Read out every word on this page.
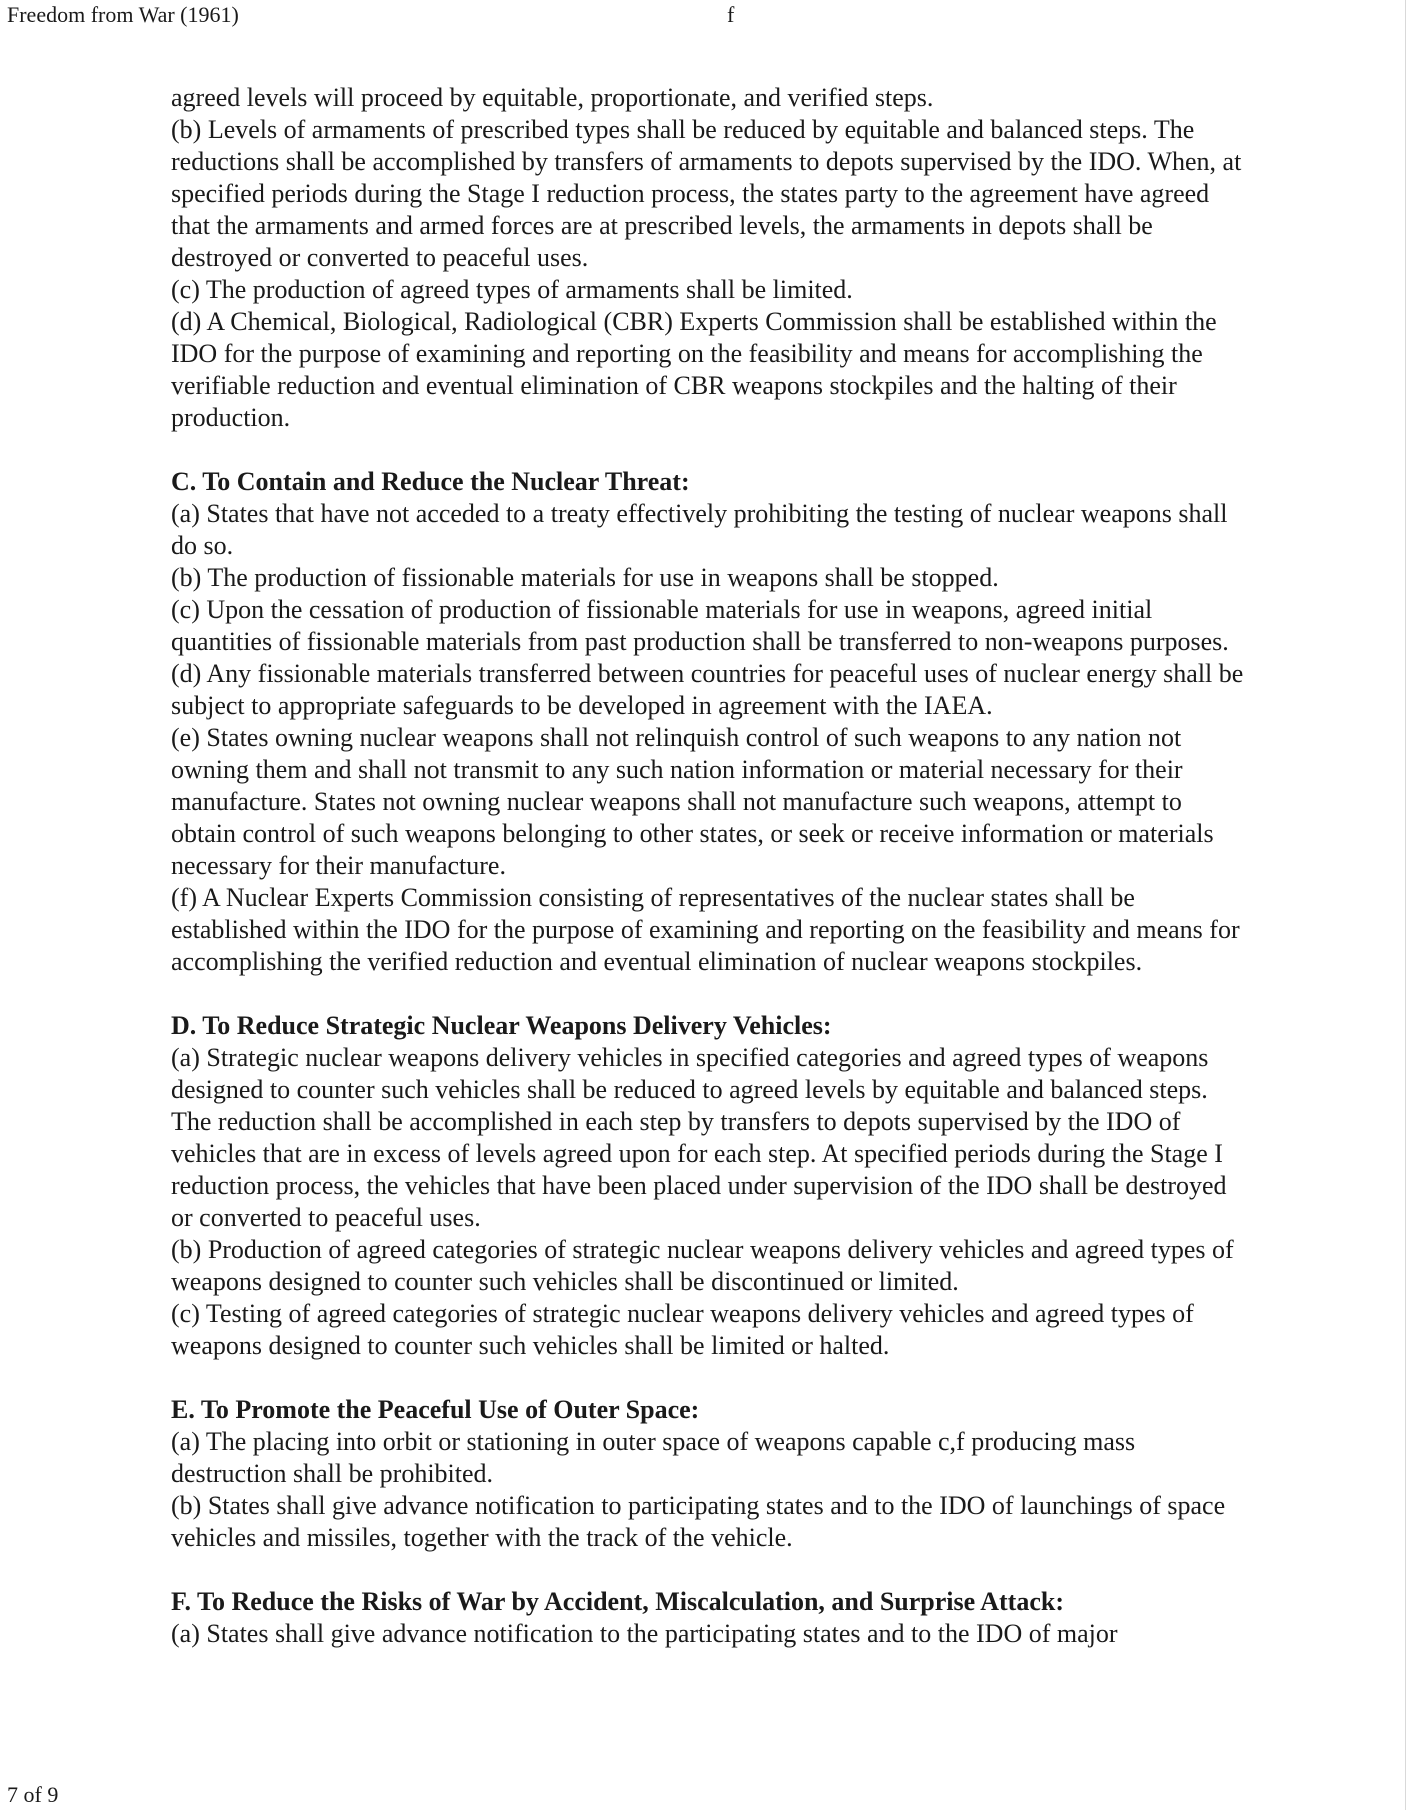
Freedom from War (1961)	f

agreed levels will proceed by equitable, proportionate, and verified steps.

(b) Levels of armaments of prescribed types shall be reduced by equitable and balanced steps. The reductions shall be accomplished by transfers of armaments to depots supervised by the IDO. When, at specified periods during the Stage I reduction process, the states party to the agreement have agreed that the armaments and armed forces are at prescribed levels, the armaments in depots shall be destroyed or converted to peaceful uses.

(c) The production of agreed types of armaments shall be limited.

(d) A Chemical, Biological, Radiological (CBR) Experts Commission shall be established within the IDO for the purpose of examining and reporting on the feasibility and means for accomplishing the verifiable reduction and eventual elimination of CBR weapons stockpiles and the halting of their production.

C. To Contain and Reduce the Nuclear Threat:

(a) States that have not acceded to a treaty effectively prohibiting the testing of nuclear weapons shall do so.

(b) The production of fissionable materials for use in weapons shall be stopped.

(c) Upon the cessation of production of fissionable materials for use in weapons, agreed initial quantities of fissionable materials from past production shall be transferred to non-weapons purposes.

(d) Any fissionable materials transferred between countries for peaceful uses of nuclear energy shall be subject to appropriate safeguards to be developed in agreement with the IAEA.

(e) States owning nuclear weapons shall not relinquish control of such weapons to any nation not owning them and shall not transmit to any such nation information or material necessary for their manufacture. States not owning nuclear weapons shall not manufacture such weapons, attempt to obtain control of such weapons belonging to other states, or seek or receive information or materials necessary for their manufacture.

(f) A Nuclear Experts Commission consisting of representatives of the nuclear states shall be established within the IDO for the purpose of examining and reporting on the feasibility and means for accomplishing the verified reduction and eventual elimination of nuclear weapons stockpiles.

D. To Reduce Strategic Nuclear Weapons Delivery Vehicles:

(a) Strategic nuclear weapons delivery vehicles in specified categories and agreed types of weapons designed to counter such vehicles shall be reduced to agreed levels by equitable and balanced steps. The reduction shall be accomplished in each step by transfers to depots supervised by the IDO of vehicles that are in excess of levels agreed upon for each step. At specified periods during the Stage I reduction process, the vehicles that have been placed under supervision of the IDO shall be destroyed or converted to peaceful uses.

(b) Production of agreed categories of strategic nuclear weapons delivery vehicles and agreed types of weapons designed to counter such vehicles shall be discontinued or limited.

(c) Testing of agreed categories of strategic nuclear weapons delivery vehicles and agreed types of weapons designed to counter such vehicles shall be limited or halted.

E. To Promote the Peaceful Use of Outer Space:

(a) The placing into orbit or stationing in outer space of weapons capable c,f producing mass destruction shall be prohibited.

(b) States shall give advance notification to participating states and to the IDO of launchings of space vehicles and missiles, together with the track of the vehicle.

F. To Reduce the Risks of War by Accident, Miscalculation, and Surprise Attack:

(a) States shall give advance notification to the participating states and to the IDO of major

7 of 9
